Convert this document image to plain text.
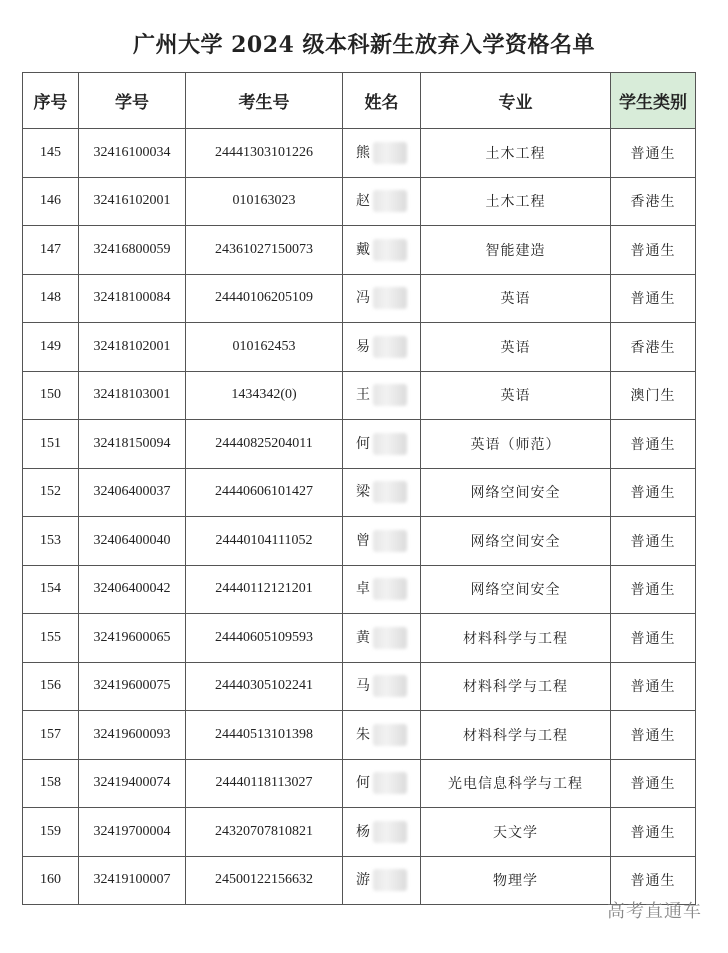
广州大学 2024 级本科新生放弃入学资格名单
序号	学号	考生号	姓名	专业	学生类别
145	32416100034	24441303101226	熊	土木工程	普通生
146	32416102001	010163023	赵	土木工程	香港生
147	32416800059	24361027150073	戴	智能建造	普通生
148	32418100084	24440106205109	冯	英语	普通生
149	32418102001	010162453	易	英语	香港生
150	32418103001	1434342(0)	王	英语	澳门生
151	32418150094	24440825204011	何	英语（师范）	普通生
152	32406400037	24440606101427	梁	网络空间安全	普通生
153	32406400040	24440104111052	曾	网络空间安全	普通生
154	32406400042	24440112121201	卓	网络空间安全	普通生
155	32419600065	24440605109593	黄	材料科学与工程	普通生
156	32419600075	24440305102241	马	材料科学与工程	普通生
157	32419600093	24440513101398	朱	材料科学与工程	普通生
158	32419400074	24440118113027	何	光电信息科学与工程	普通生
159	32419700004	24320707810821	杨	天文学	普通生
160	32419100007	24500122156632	游	物理学	普通生
高考直通车
